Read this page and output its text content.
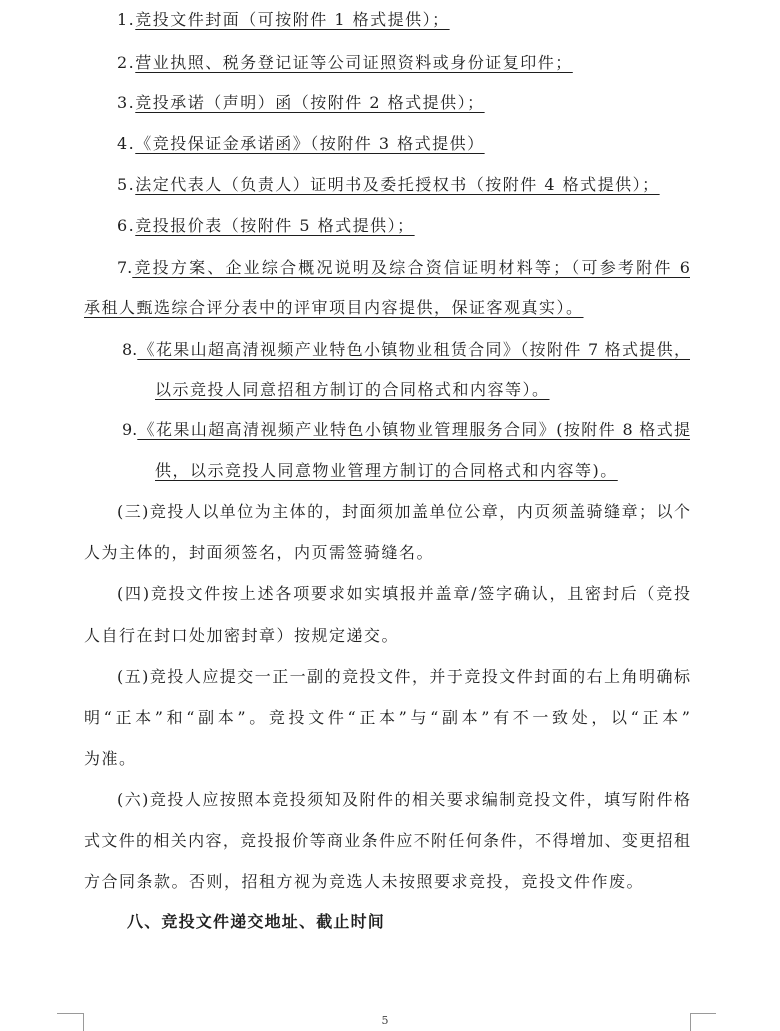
1.竞投文件封面（可按附件 1 格式提供）；
2.营业执照、税务登记证等公司证照资料或身份证复印件；
3.竞投承诺（声明）函（按附件 2 格式提供）；
4.《竞投保证金承诺函》（按附件 3 格式提供）
5.法定代表人（负责人）证明书及委托授权书（按附件 4 格式提供）；
6.竞投报价表（按附件 5 格式提供）；
7.竞投方案、企业综合概况说明及综合资信证明材料等；（可参考附件 6
承租人甄选综合评分表中的评审项目内容提供，保证客观真实）。
8.《花果山超高清视频产业特色小镇物业租赁合同》（按附件 7 格式提供，
以示竞投人同意招租方制订的合同格式和内容等）。
9.《花果山超高清视频产业特色小镇物业管理服务合同》(按附件 8 格式提
供，以示竞投人同意物业管理方制订的合同格式和内容等)。
(三)竞投人以单位为主体的，封面须加盖单位公章，内页须盖骑缝章；以个
人为主体的，封面须签名，内页需签骑缝名。
(四)竞投文件按上述各项要求如实填报并盖章/签字确认，且密封后（竞投
人自行在封口处加密封章）按规定递交。
(五)竞投人应提交一正一副的竞投文件，并于竞投文件封面的右上角明确标
明“正本”和“副本”。竞投文件“正本”与“副本”有不一致处，以“正本”
为准。
(六)竞投人应按照本竞投须知及附件的相关要求编制竞投文件，填写附件格
式文件的相关内容，竞投报价等商业条件应不附任何条件，不得增加、变更招租
方合同条款。否则，招租方视为竞选人未按照要求竞投，竞投文件作废。
八、竞投文件递交地址、截止时间
5
